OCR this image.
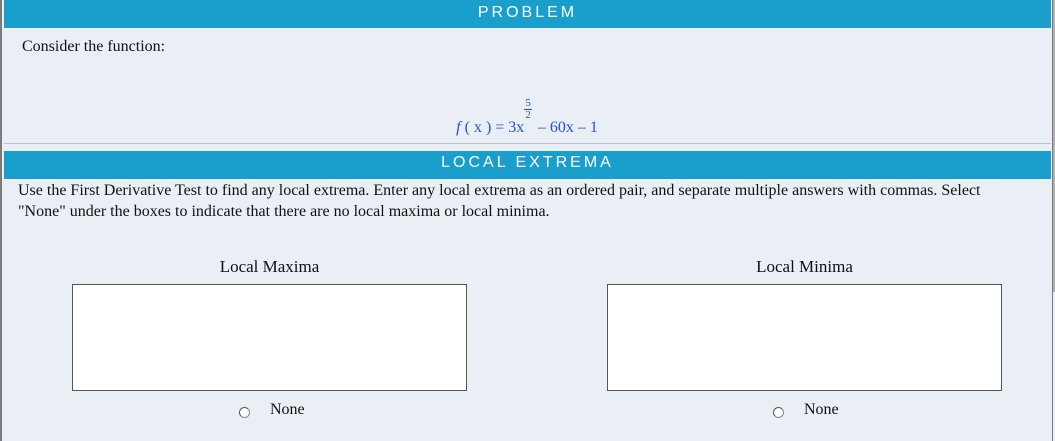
PROBLEM
Consider the function:
f ( x ) = 3x
$\frac{5}{2}$
– 60x – 1
LOCAL EXTREMA
Use the First Derivative Test to find any local extrema. Enter any local extrema as an ordered pair, and separate multiple answers with commas. Select "None" under the boxes to indicate that there are no local maxima or local minima.
Local Maxima	Local Minima
None	None
